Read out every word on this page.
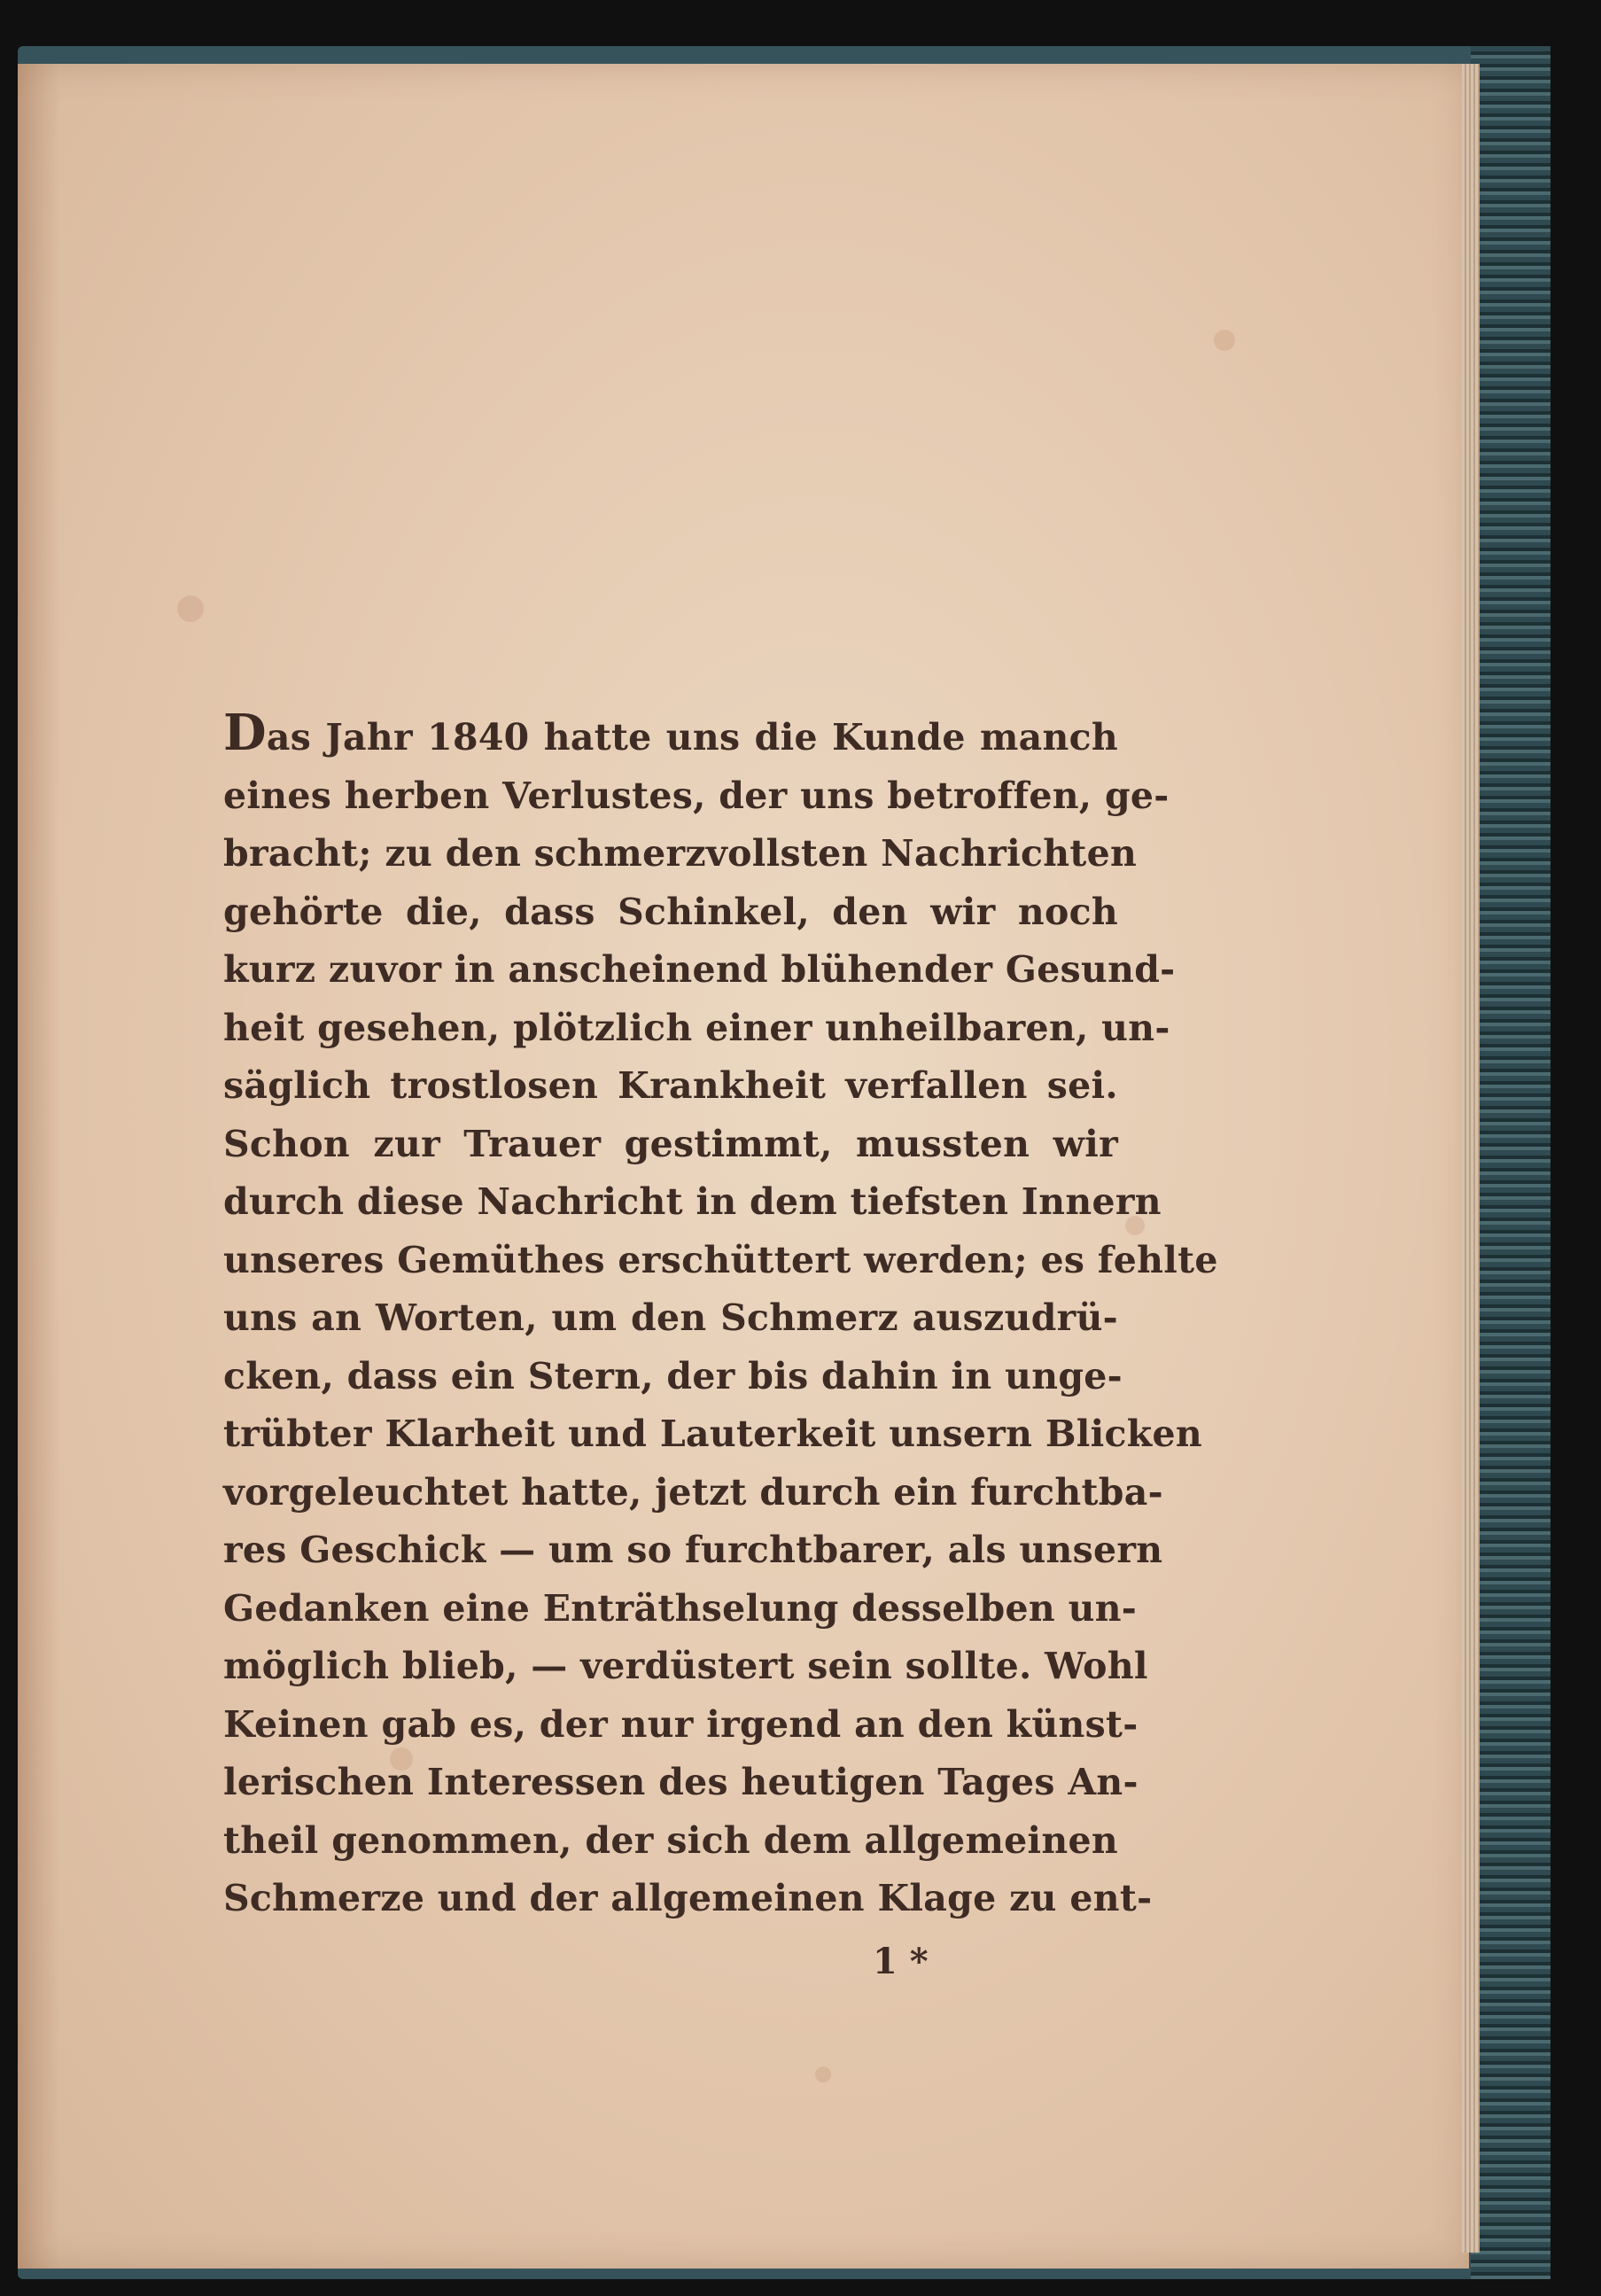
Das Jahr 1840 hatte uns die Kunde manch
eines herben Verlustes, der uns betroffen, ge-
bracht; zu den schmerzvollsten Nachrichten
gehörte die, dass Schinkel, den wir noch
kurz zuvor in anscheinend blühender Gesund-
heit gesehen, plötzlich einer unheilbaren, un-
säglich trostlosen Krankheit verfallen sei.
Schon zur Trauer gestimmt, mussten wir
durch diese Nachricht in dem tiefsten Innern
unseres Gemüthes erschüttert werden; es fehlte
uns an Worten, um den Schmerz auszudrü-
cken, dass ein Stern, der bis dahin in unge-
trübter Klarheit und Lauterkeit unsern Blicken
vorgeleuchtet hatte, jetzt durch ein furchtba-
res Geschick — um so furchtbarer, als unsern
Gedanken eine Enträthselung desselben un-
möglich blieb, — verdüstert sein sollte. Wohl
Keinen gab es, der nur irgend an den künst-
lerischen Interessen des heutigen Tages An-
theil genommen, der sich dem allgemeinen
Schmerze und der allgemeinen Klage zu ent-
1 *
